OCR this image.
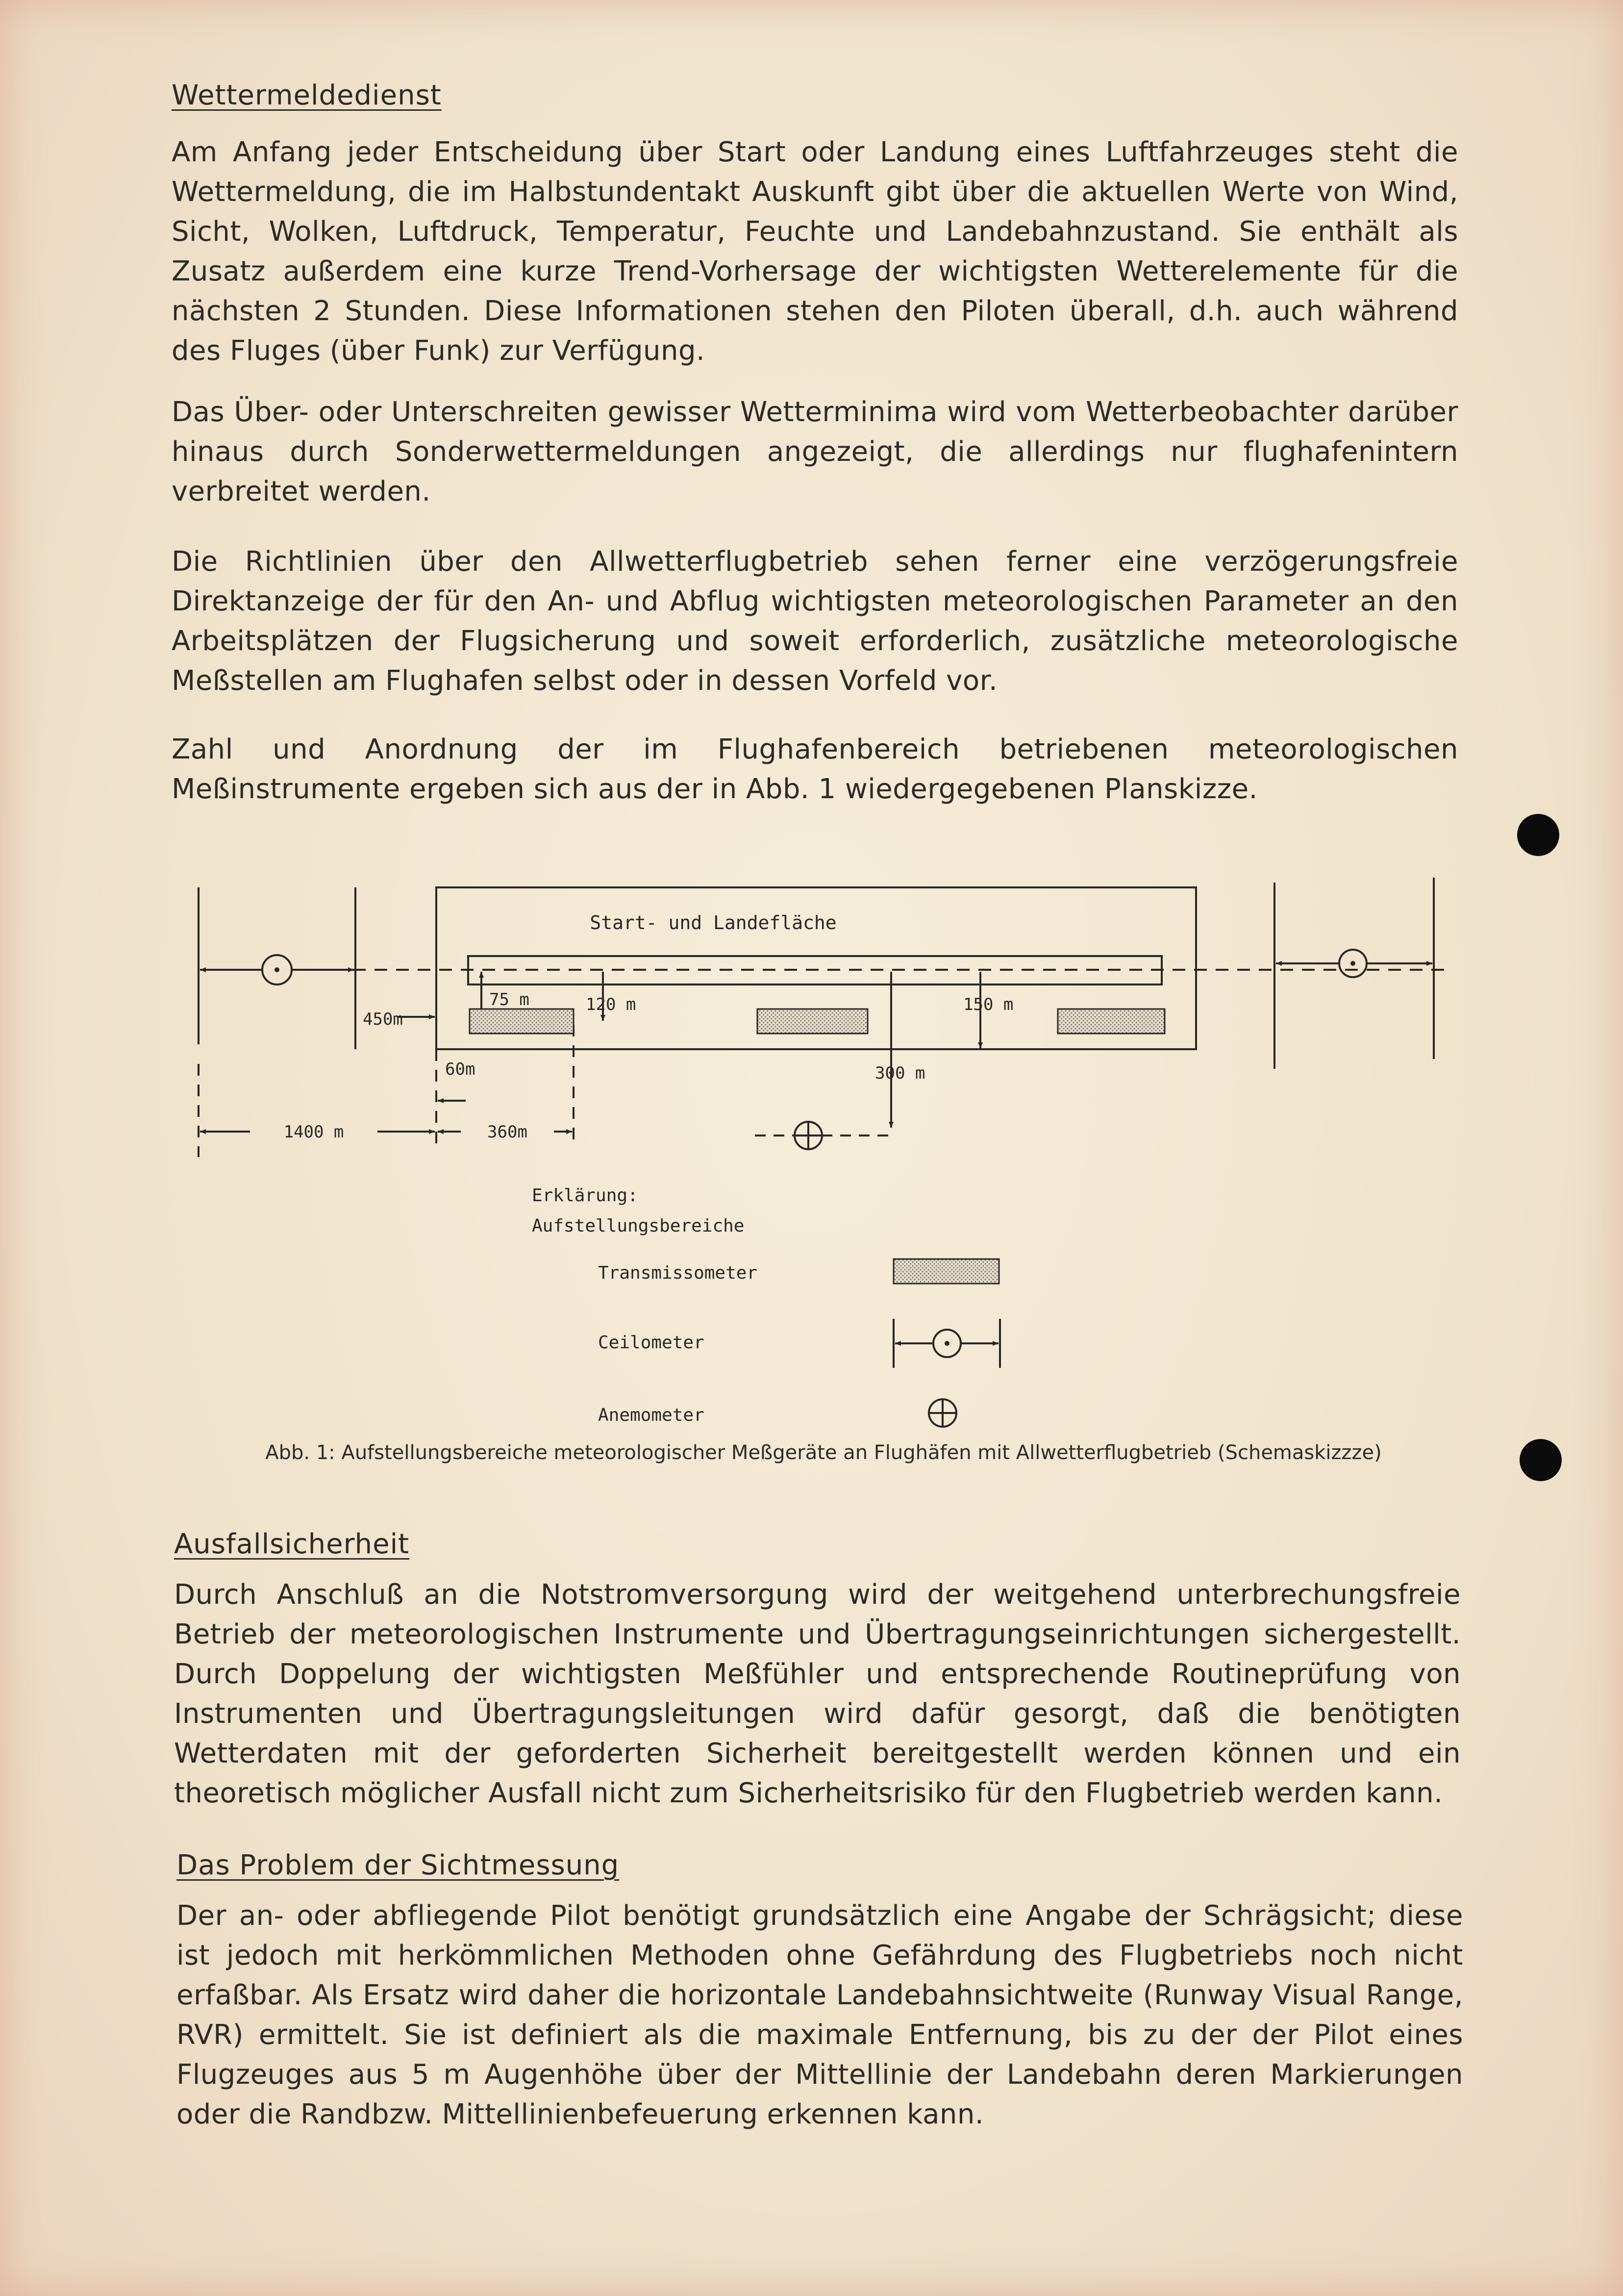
Wettermeldedienst

Am Anfang jeder Entscheidung über Start oder Landung eines Luftfahrzeuges steht die Wettermeldung, die im Halbstundentakt Auskunft gibt über die aktuellen Werte von Wind, Sicht, Wolken, Luftdruck, Temperatur, Feuchte und Landebahnzustand. Sie enthält als Zusatz außerdem eine kurze Trend-Vorhersage der wichtigsten Wetterelemente für die nächsten 2 Stunden. Diese Informationen stehen den Piloten überall, d.h. auch während des Fluges (über Funk) zur Verfügung.

Das Über- oder Unterschreiten gewisser Wetterminima wird vom Wetterbeobachter darüber hinaus durch Sonderwettermeldungen angezeigt, die allerdings nur flughafenintern verbreitet werden.

Die Richtlinien über den Allwetterflugbetrieb sehen ferner eine verzögerungsfreie Direktanzeige der für den An- und Abflug wichtigsten meteorologischen Parameter an den Arbeitsplätzen der Flugsicherung und soweit erforderlich, zusätzliche meteorologische Meßstellen am Flughafen selbst oder in dessen Vorfeld vor.

Zahl und Anordnung der im Flughafenbereich betriebenen meteorologischen Meßinstrumente ergeben sich aus der in Abb. 1 wiedergegebenen Planskizze.

Start- und Landefläche
450m
75 m	120 m	150 m
60m	300 m
1400 m	360m
Erklärung:
Aufstellungsbereiche
Transmissometer
Ceilometer
Anemometer

Abb. 1: Aufstellungsbereiche meteorologischer Meßgeräte an Flughäfen mit Allwetterflugbetrieb (Schemaskizzze)

Ausfallsicherheit

Durch Anschluß an die Notstromversorgung wird der weitgehend unterbrechungsfreie Betrieb der meteorologischen Instrumente und Übertragungseinrichtungen sichergestellt. Durch Doppelung der wichtigsten Meßfühler und entsprechende Routineprüfung von Instrumenten und Übertragungsleitungen wird dafür gesorgt, daß die benötigten Wetterdaten mit der geforderten Sicherheit bereitgestellt werden können und ein theoretisch möglicher Ausfall nicht zum Sicherheitsrisiko für den Flugbetrieb werden kann.

Das Problem der Sichtmessung

Der an- oder abfliegende Pilot benötigt grundsätzlich eine Angabe der Schrägsicht; diese ist jedoch mit herkömmlichen Methoden ohne Gefährdung des Flugbetriebs noch nicht erfaßbar. Als Ersatz wird daher die horizontale Landebahnsichtweite (Runway Visual Range, RVR) ermittelt. Sie ist definiert als die maximale Entfernung, bis zu der der Pilot eines Flugzeuges aus 5 m Augenhöhe über der Mittellinie der Landebahn deren Markierungen oder die Randbzw. Mittellinienbefeuerung erkennen kann.
